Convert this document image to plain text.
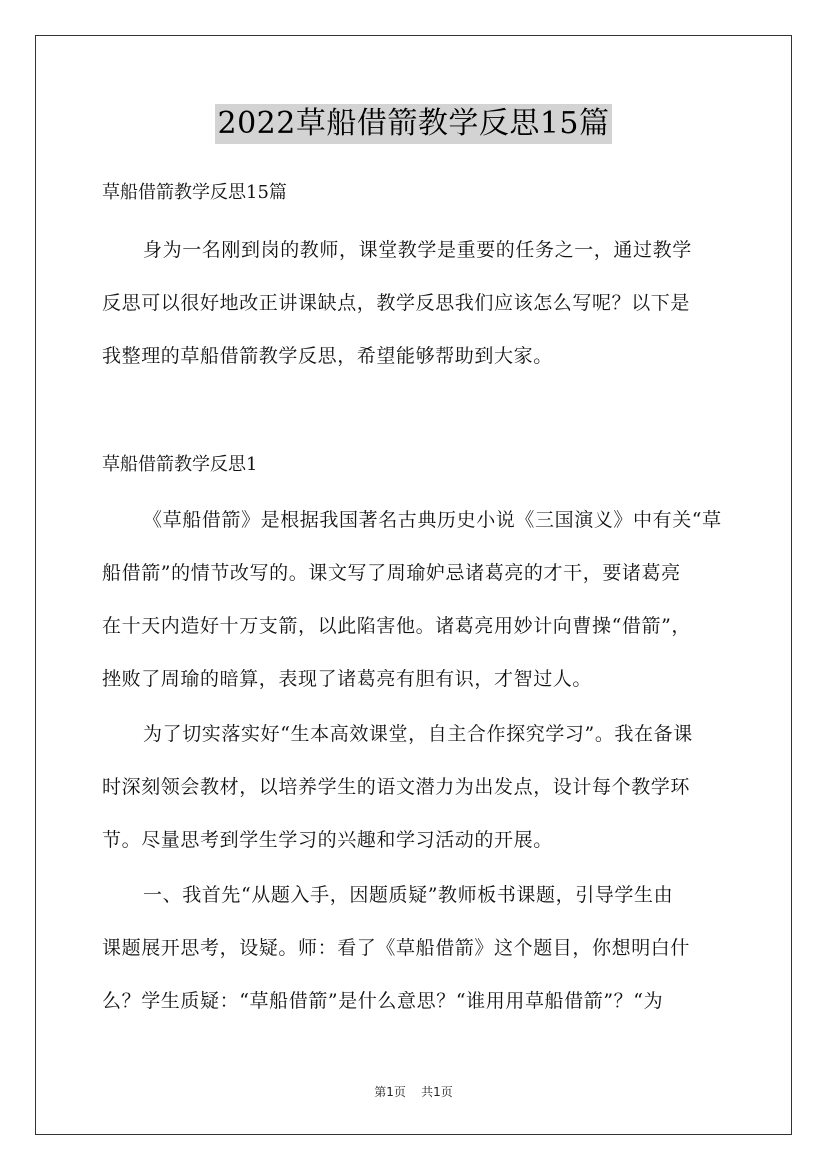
2022草船借箭教学反思15篇
草船借箭教学反思15篇
身为一名刚到岗的教师，课堂教学是重要的任务之一，通过教学
反思可以很好地改正讲课缺点，教学反思我们应该怎么写呢？以下是
我整理的草船借箭教学反思，希望能够帮助到大家。
草船借箭教学反思1
《草船借箭》是根据我国著名古典历史小说《三国演义》中有关“草
船借箭”的情节改写的。课文写了周瑜妒忌诸葛亮的才干，要诸葛亮
在十天内造好十万支箭，以此陷害他。诸葛亮用妙计向曹操“借箭”，
挫败了周瑜的暗算，表现了诸葛亮有胆有识，才智过人。
为了切实落实好“生本高效课堂，自主合作探究学习”。我在备课
时深刻领会教材，以培养学生的语文潜力为出发点，设计每个教学环
节。尽量思考到学生学习的兴趣和学习活动的开展。
一、我首先“从题入手，因题质疑”教师板书课题，引导学生由
课题展开思考，设疑。师：看了《草船借箭》这个题目，你想明白什
么？学生质疑：“草船借箭”是什么意思？“谁用用草船借箭”？“为
第1页 共1页
